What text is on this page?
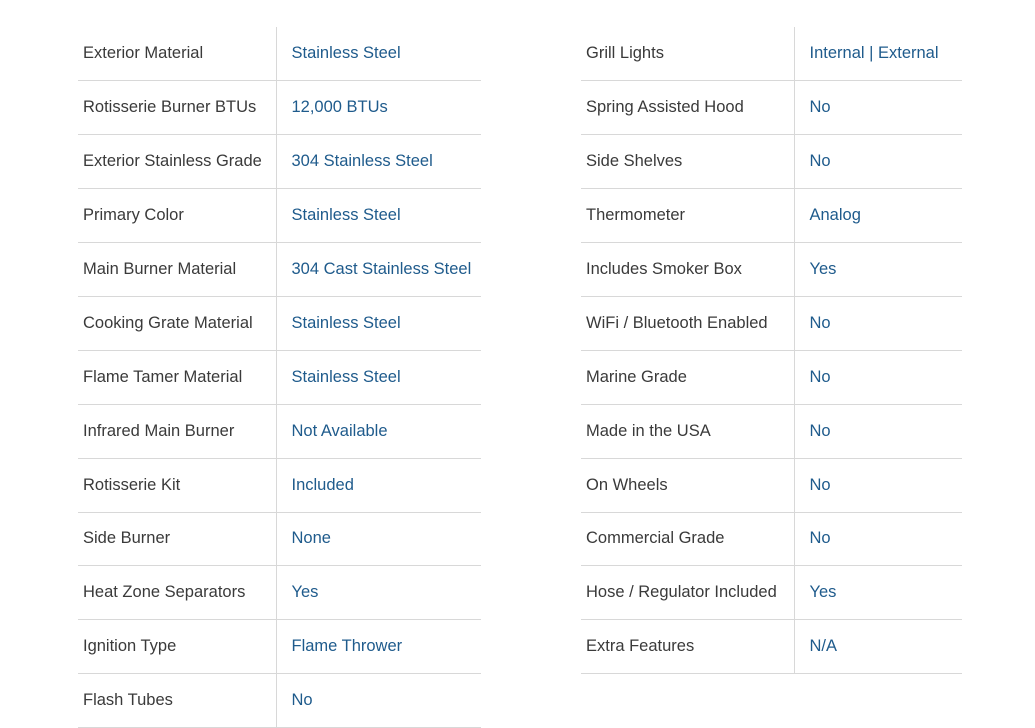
Exterior Material	Stainless Steel
Rotisserie Burner BTUs	12,000 BTUs
Exterior Stainless Grade	304 Stainless Steel
Primary Color	Stainless Steel
Main Burner Material	304 Cast Stainless Steel
Cooking Grate Material	Stainless Steel
Flame Tamer Material	Stainless Steel
Infrared Main Burner	Not Available
Rotisserie Kit	Included
Side Burner	None
Heat Zone Separators	Yes
Ignition Type	Flame Thrower
Flash Tubes	No
Grill Lights	Internal | External
Spring Assisted Hood	No
Side Shelves	No
Thermometer	Analog
Includes Smoker Box	Yes
WiFi / Bluetooth Enabled	No
Marine Grade	No
Made in the USA	No
On Wheels	No
Commercial Grade	No
Hose / Regulator Included	Yes
Extra Features	N/A
